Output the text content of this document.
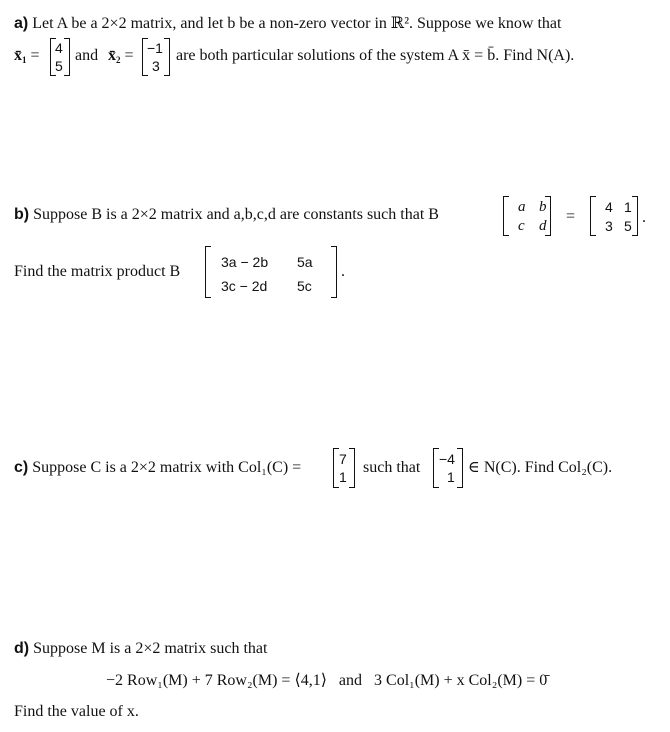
a) Let A be a 2×2 matrix, and let b be a non-zero vector in ℝ². Suppose we know that
$x̄_1 = 4$
5
and $x̄_2 = -1$
3
are both particular solutions of the system A x̄ = b̄. Find N(A).
b) Suppose B is a 2×2 matrix and a,b,c,d are constants such that B	a b
c d
=
4 1
3 5 .
Find the matrix product B
3a − 2b 5a
3c − 2d 5c
.
c) Suppose C is a 2×2 matrix with Col₁(C) =	7
1
such that −4
1
∈ N(C). Find Col₂(C).
d) Suppose M is a 2×2 matrix such that
−2 Row₁(M) + 7 Row₂(M) = ⟨4,1⟩   and   3 Col₁(M) + x Col₂(M) = 0̄
Find the value of x.
